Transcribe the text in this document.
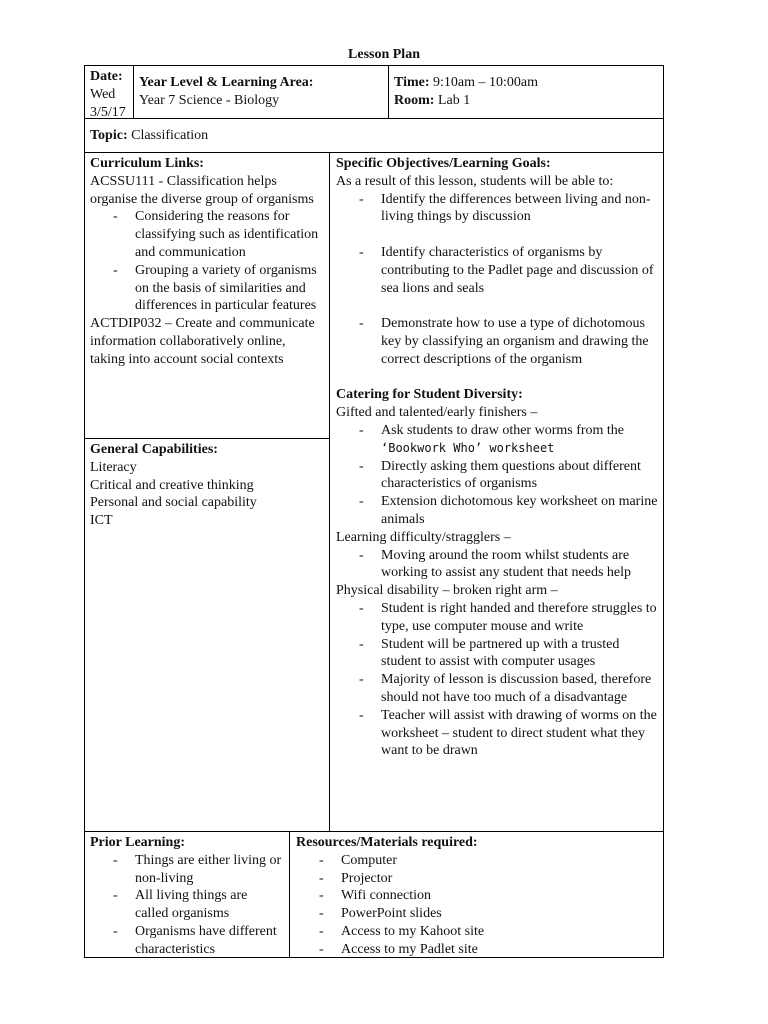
Lesson Plan
Date:
Wed
3/5/17
Year Level & Learning Area:
Year 7 Science - Biology
Time: 9:10am – 10:00am
Room: Lab 1
Topic: Classification
Curriculum Links:
ACSSU111 - Classification helps organise the diverse group of organisms
- Considering the reasons for classifying such as identification and communication
- Grouping a variety of organisms on the basis of similarities and differences in particular features
ACTDIP032 – Create and communicate information collaboratively online, taking into account social contexts
General Capabilities:
Literacy
Critical and creative thinking
Personal and social capability
ICT
Specific Objectives/Learning Goals:
As a result of this lesson, students will be able to:
- Identify the differences between living and non-living things by discussion
- Identify characteristics of organisms by contributing to the Padlet page and discussion of sea lions and seals
- Demonstrate how to use a type of dichotomous key by classifying an organism and drawing the correct descriptions of the organism
Catering for Student Diversity:
Gifted and talented/early finishers –
- Ask students to draw other worms from the
‘Bookwork Who’ worksheet
- Directly asking them questions about different characteristics of organisms
- Extension dichotomous key worksheet on marine animals
Learning difficulty/stragglers –
- Moving around the room whilst students are working to assist any student that needs help
Physical disability – broken right arm –
- Student is right handed and therefore struggles to type, use computer mouse and write
- Student will be partnered up with a trusted student to assist with computer usages
- Majority of lesson is discussion based, therefore should not have too much of a disadvantage
- Teacher will assist with drawing of worms on the worksheet – student to direct student what they want to be drawn
Prior Learning:
- Things are either living or non-living
- All living things are called organisms
- Organisms have different characteristics
Resources/Materials required:
- Computer
- Projector
- Wifi connection
- PowerPoint slides
- Access to my Kahoot site
- Access to my Padlet site
